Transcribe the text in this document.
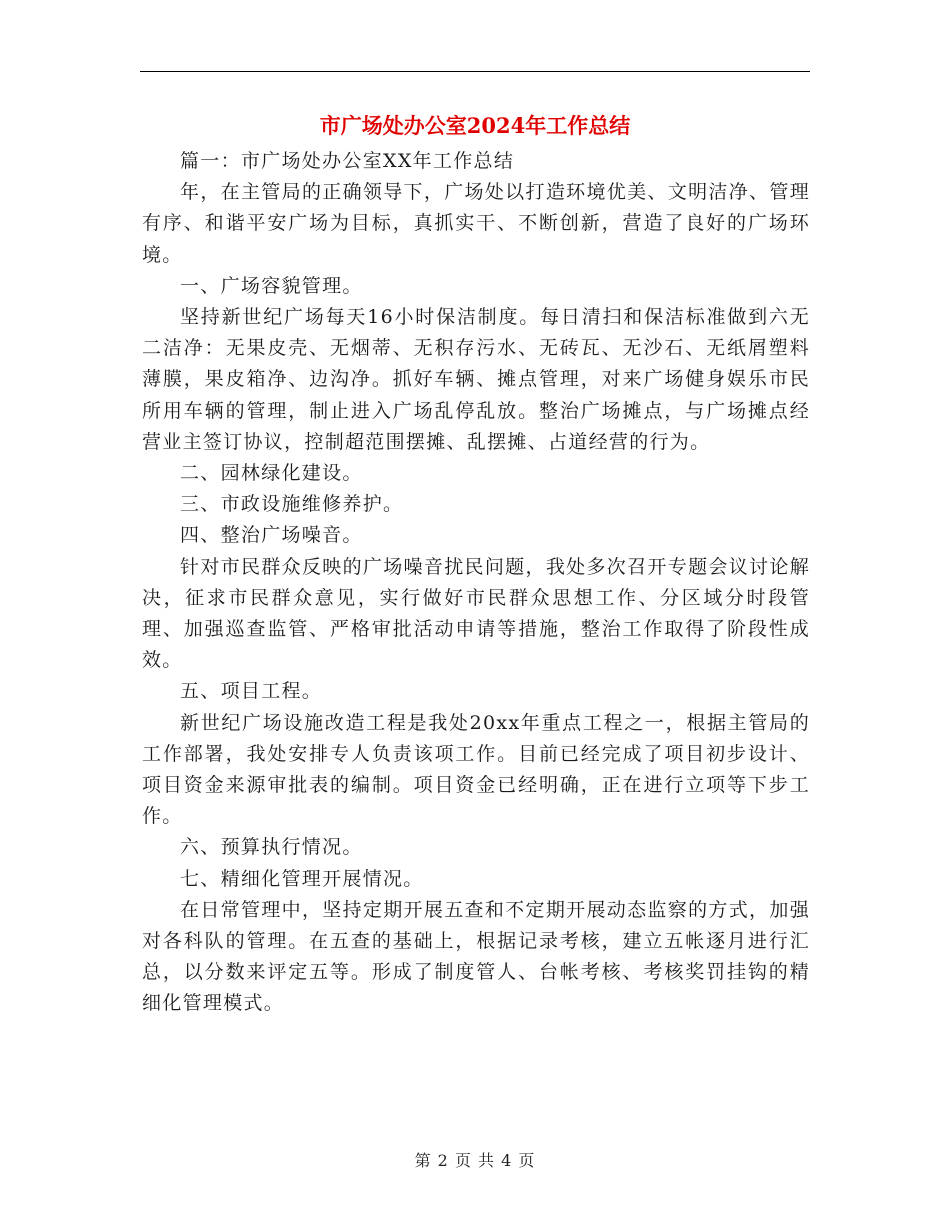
市广场处办公室2024年工作总结

篇一：市广场处办公室XX年工作总结

年，在主管局的正确领导下，广场处以打造环境优美、文明洁净、管理有序、和谐平安广场为目标，真抓实干、不断创新，营造了良好的广场环境。

一、广场容貌管理。

坚持新世纪广场每天16小时保洁制度。每日清扫和保洁标准做到六无二洁净：无果皮壳、无烟蒂、无积存污水、无砖瓦、无沙石、无纸屑塑料薄膜，果皮箱净、边沟净。抓好车辆、摊点管理，对来广场健身娱乐市民所用车辆的管理，制止进入广场乱停乱放。整治广场摊点，与广场摊点经营业主签订协议，控制超范围摆摊、乱摆摊、占道经营的行为。

二、园林绿化建设。

三、市政设施维修养护。

四、整治广场噪音。

针对市民群众反映的广场噪音扰民问题，我处多次召开专题会议讨论解决，征求市民群众意见，实行做好市民群众思想工作、分区域分时段管理、加强巡查监管、严格审批活动申请等措施，整治工作取得了阶段性成效。

五、项目工程。

新世纪广场设施改造工程是我处20xx年重点工程之一，根据主管局的工作部署，我处安排专人负责该项工作。目前已经完成了项目初步设计、项目资金来源审批表的编制。项目资金已经明确，正在进行立项等下步工作。

六、预算执行情况。

七、精细化管理开展情况。

在日常管理中，坚持定期开展五查和不定期开展动态监察的方式，加强对各科队的管理。在五查的基础上，根据记录考核，建立五帐逐月进行汇总，以分数来评定五等。形成了制度管人、台帐考核、考核奖罚挂钩的精细化管理模式。

第 2 页 共 4 页
